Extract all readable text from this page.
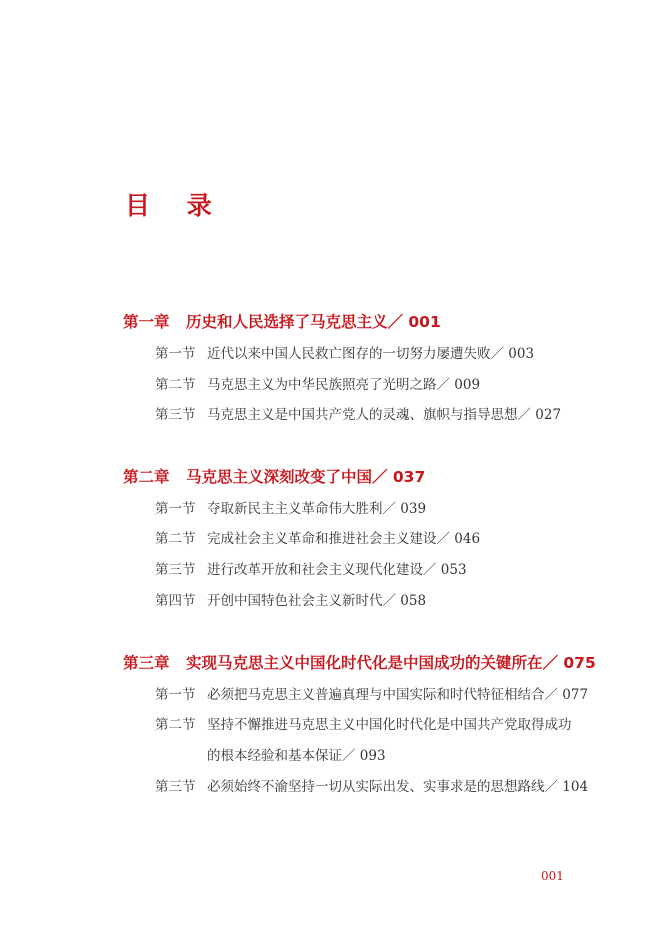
目 录
第一章 历史和人民选择了马克思主义／ 001
第一节 近代以来中国人民救亡图存的一切努力屡遭失败／ 003
第二节 马克思主义为中华民族照亮了光明之路／ 009
第三节 马克思主义是中国共产党人的灵魂、旗帜与指导思想／ 027
第二章 马克思主义深刻改变了中国／ 037
第一节 夺取新民主主义革命伟大胜利／ 039
第二节 完成社会主义革命和推进社会主义建设／ 046
第三节 进行改革开放和社会主义现代化建设／ 053
第四节 开创中国特色社会主义新时代／ 058
第三章 实现马克思主义中国化时代化是中国成功的关键所在／ 075
第一节 必须把马克思主义普遍真理与中国实际和时代特征相结合／ 077
第二节 坚持不懈推进马克思主义中国化时代化是中国共产党取得成功
的根本经验和基本保证／ 093
第三节 必须始终不渝坚持一切从实际出发、实事求是的思想路线／ 104
001
